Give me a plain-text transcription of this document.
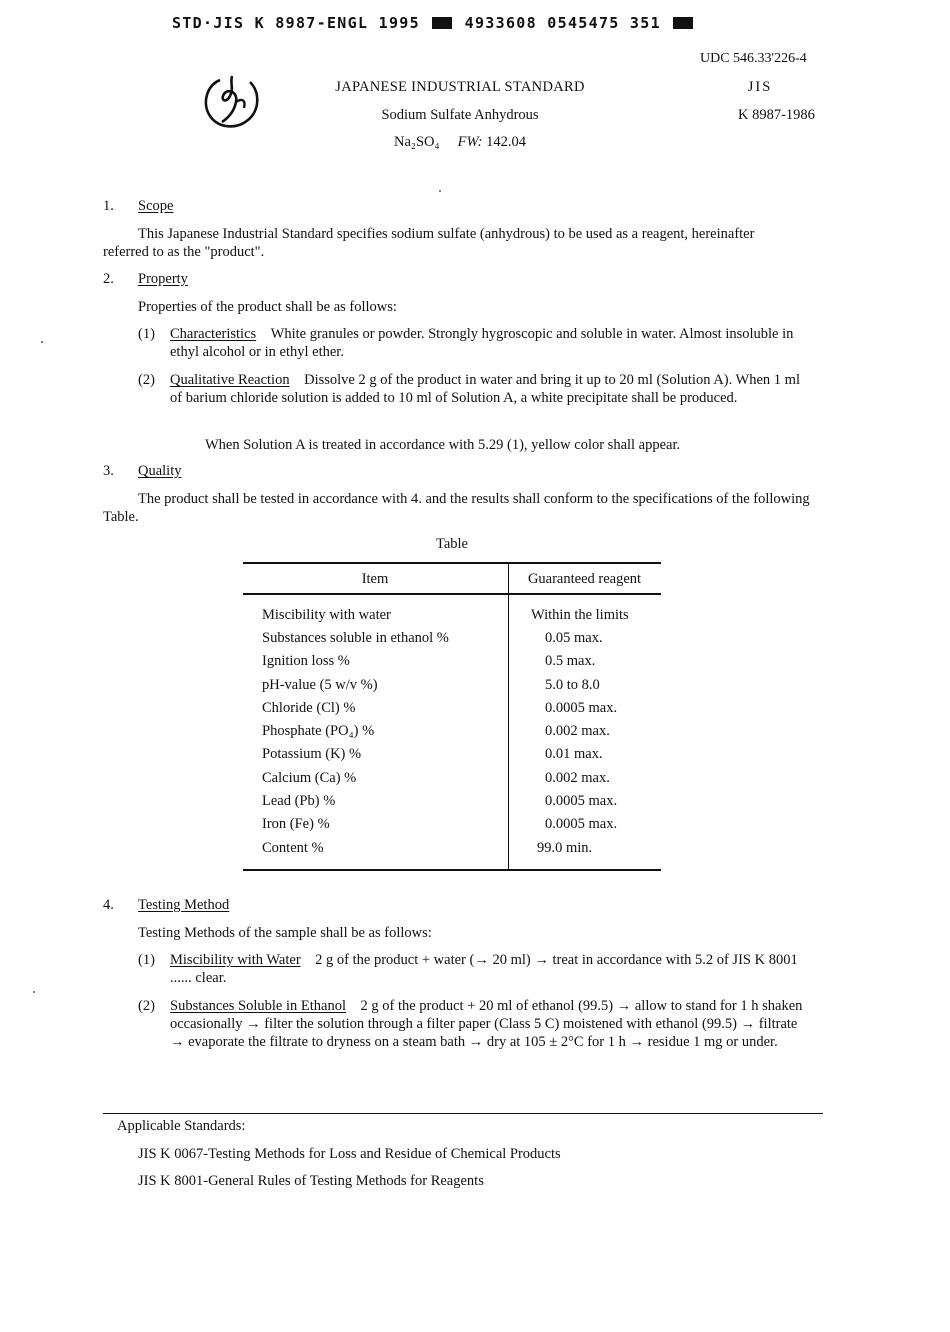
STD·JIS K 8987-ENGL 1995	4933608 0545475 351
JAPANESE INDUSTRIAL STANDARD
Sodium Sulfate Anhydrous
Na₂SO₄ FW: 142.04
UDC 546.33'226-4
JIS
K 8987-1986
1. Scope
This Japanese Industrial Standard specifies sodium sulfate (anhydrous) to be used as a reagent, hereinafter referred to as the "product".
2. Property
Properties of the product shall be as follows:
(1) Characteristics White granules or powder. Strongly hygroscopic and soluble in water. Almost insoluble in ethyl alcohol or in ethyl ether.
(2) Qualitative Reaction Dissolve 2 g of the product in water and bring it up to 20 ml (Solution A). When 1 ml of barium chloride solution is added to 10 ml of Solution A, a white precipitate shall be produced.
When Solution A is treated in accordance with 5.29 (1), yellow color shall appear.
3. Quality
The product shall be tested in accordance with 4. and the results shall conform to the specifications of the following Table.
Table
Item	Guaranteed reagent
Miscibility with water	Within the limits
Substances soluble in ethanol %	0.05 max.
Ignition loss %	0.5 max.
pH-value (5 w/v %)	5.0 to 8.0
Chloride (Cl) %	0.0005 max.
Phosphate (PO₄) %	0.002 max.
Potassium (K) %	0.01 max.
Calcium (Ca) %	0.002 max.
Lead (Pb) %	0.0005 max.
Iron (Fe) %	0.0005 max.
Content %	99.0 min.
4. Testing Method
Testing Methods of the sample shall be as follows:
(1) Miscibility with Water 2 g of the product + water (→ 20 ml) → treat in accordance with 5.2 of JIS K 8001 ...... clear.
(2) Substances Soluble in Ethanol 2 g of the product + 20 ml of ethanol (99.5) → allow to stand for 1 h shaken occasionally → filter the solution through a filter paper (Class 5 C) moistened with ethanol (99.5) → filtrate → evaporate the filtrate to dryness on a steam bath → dry at 105 ± 2°C for 1 h → residue 1 mg or under.
Applicable Standards:
JIS K 0067-Testing Methods for Loss and Residue of Chemical Products
JIS K 8001-General Rules of Testing Methods for Reagents
